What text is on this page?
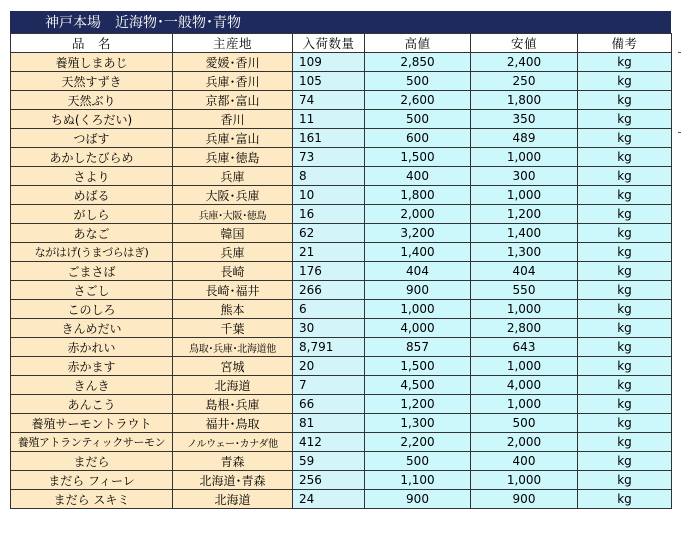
神戸本場 近海物･一般物･青物
品　名	主産地	入荷数量	高値	安値	備考
養殖しまあじ	愛媛･香川	109	2,850	2,400	kg
天然すずき	兵庫･香川	105	500	250	kg
天然ぶり	京都･富山	74	2,600	1,800	kg
ちぬ(くろだい)	香川	11	500	350	kg
つばす	兵庫･富山	161	600	489	kg
あかしたびらめ	兵庫･徳島	73	1,500	1,000	kg
さより	兵庫	8	400	300	kg
めばる	大阪･兵庫	10	1,800	1,000	kg
がしら	兵庫･大阪･徳島	16	2,000	1,200	kg
あなご	韓国	62	3,200	1,400	kg
ながはげ(うまづらはぎ)	兵庫	21	1,400	1,300	kg
ごまさば	長崎	176	404	404	kg
さごし	長崎･福井	266	900	550	kg
このしろ	熊本	6	1,000	1,000	kg
きんめだい	千葉	30	4,000	2,800	kg
赤かれい	鳥取･兵庫･北海道他	8,791	857	643	kg
赤かます	宮城	20	1,500	1,000	kg
きんき	北海道	7	4,500	4,000	kg
あんこう	島根･兵庫	66	1,200	1,000	kg
養殖サーモントラウト	福井･鳥取	81	1,300	500	kg
養殖アトランティックサーモン	ノルウェー･カナダ他	412	2,200	2,000	kg
まだら	青森	59	500	400	kg
まだら フィーレ	北海道･青森	256	1,100	1,000	kg
まだら スキミ	北海道	24	900	900	kg
